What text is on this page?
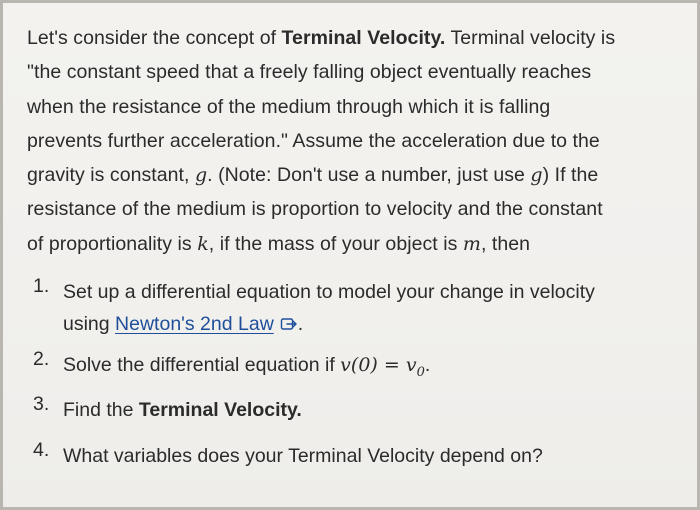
Let's consider the concept of Terminal Velocity. Terminal velocity is
"the constant speed that a freely falling object eventually reaches
when the resistance of the medium through which it is falling
prevents further acceleration." Assume the acceleration due to the
gravity is constant, g. (Note: Don't use a number, just use g) If the
resistance of the medium is proportion to velocity and the constant
of proportionality is k, if the mass of your object is m, then
1. Set up a differential equation to model your change in velocity
using Newton's 2nd Law .
2. Solve the differential equation if $v(0) = v_0$.
3. Find the Terminal Velocity.
4. What variables does your Terminal Velocity depend on?
